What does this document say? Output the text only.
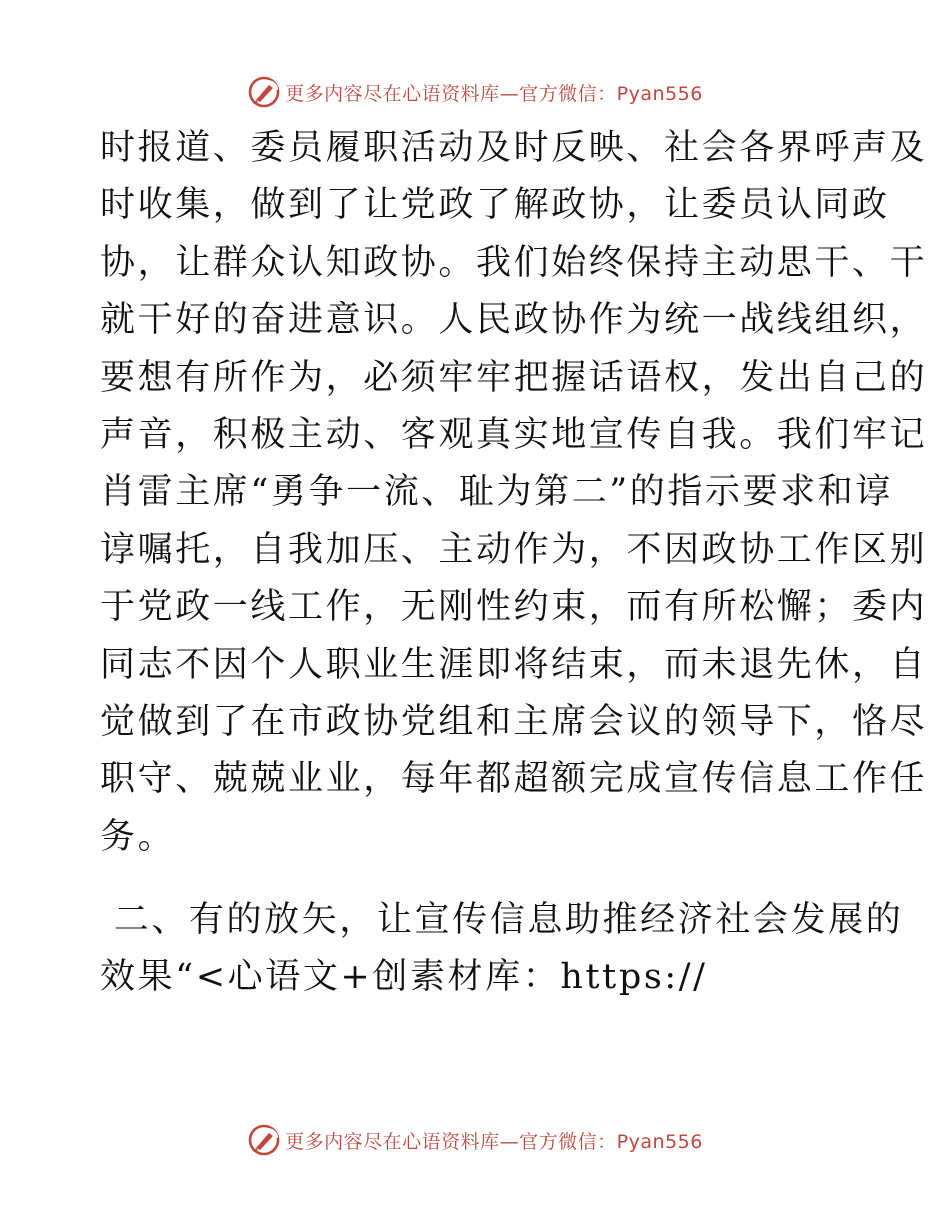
更多内容尽在心语资料库—官方微信：Pyan556
时报道、委员履职活动及时反映、社会各界呼声及
时收集，做到了让党政了解政协，让委员认同政
协，让群众认知政协。我们始终保持主动思干、干
就干好的奋进意识。人民政协作为统一战线组织，
要想有所作为，必须牢牢把握话语权，发出自己的
声音，积极主动、客观真实地宣传自我。我们牢记
肖雷主席“勇争一流、耻为第二”的指示要求和谆
谆嘱托，自我加压、主动作为，不因政协工作区别
于党政一线工作，无刚性约束，而有所松懈；委内
同志不因个人职业生涯即将结束，而未退先休，自
觉做到了在市政协党组和主席会议的领导下，恪尽
职守、兢兢业业，每年都超额完成宣传信息工作任
务。
二、有的放矢，让宣传信息助推经济社会发展的
效果“<心语文+创素材库：https://
更多内容尽在心语资料库—官方微信：Pyan556
